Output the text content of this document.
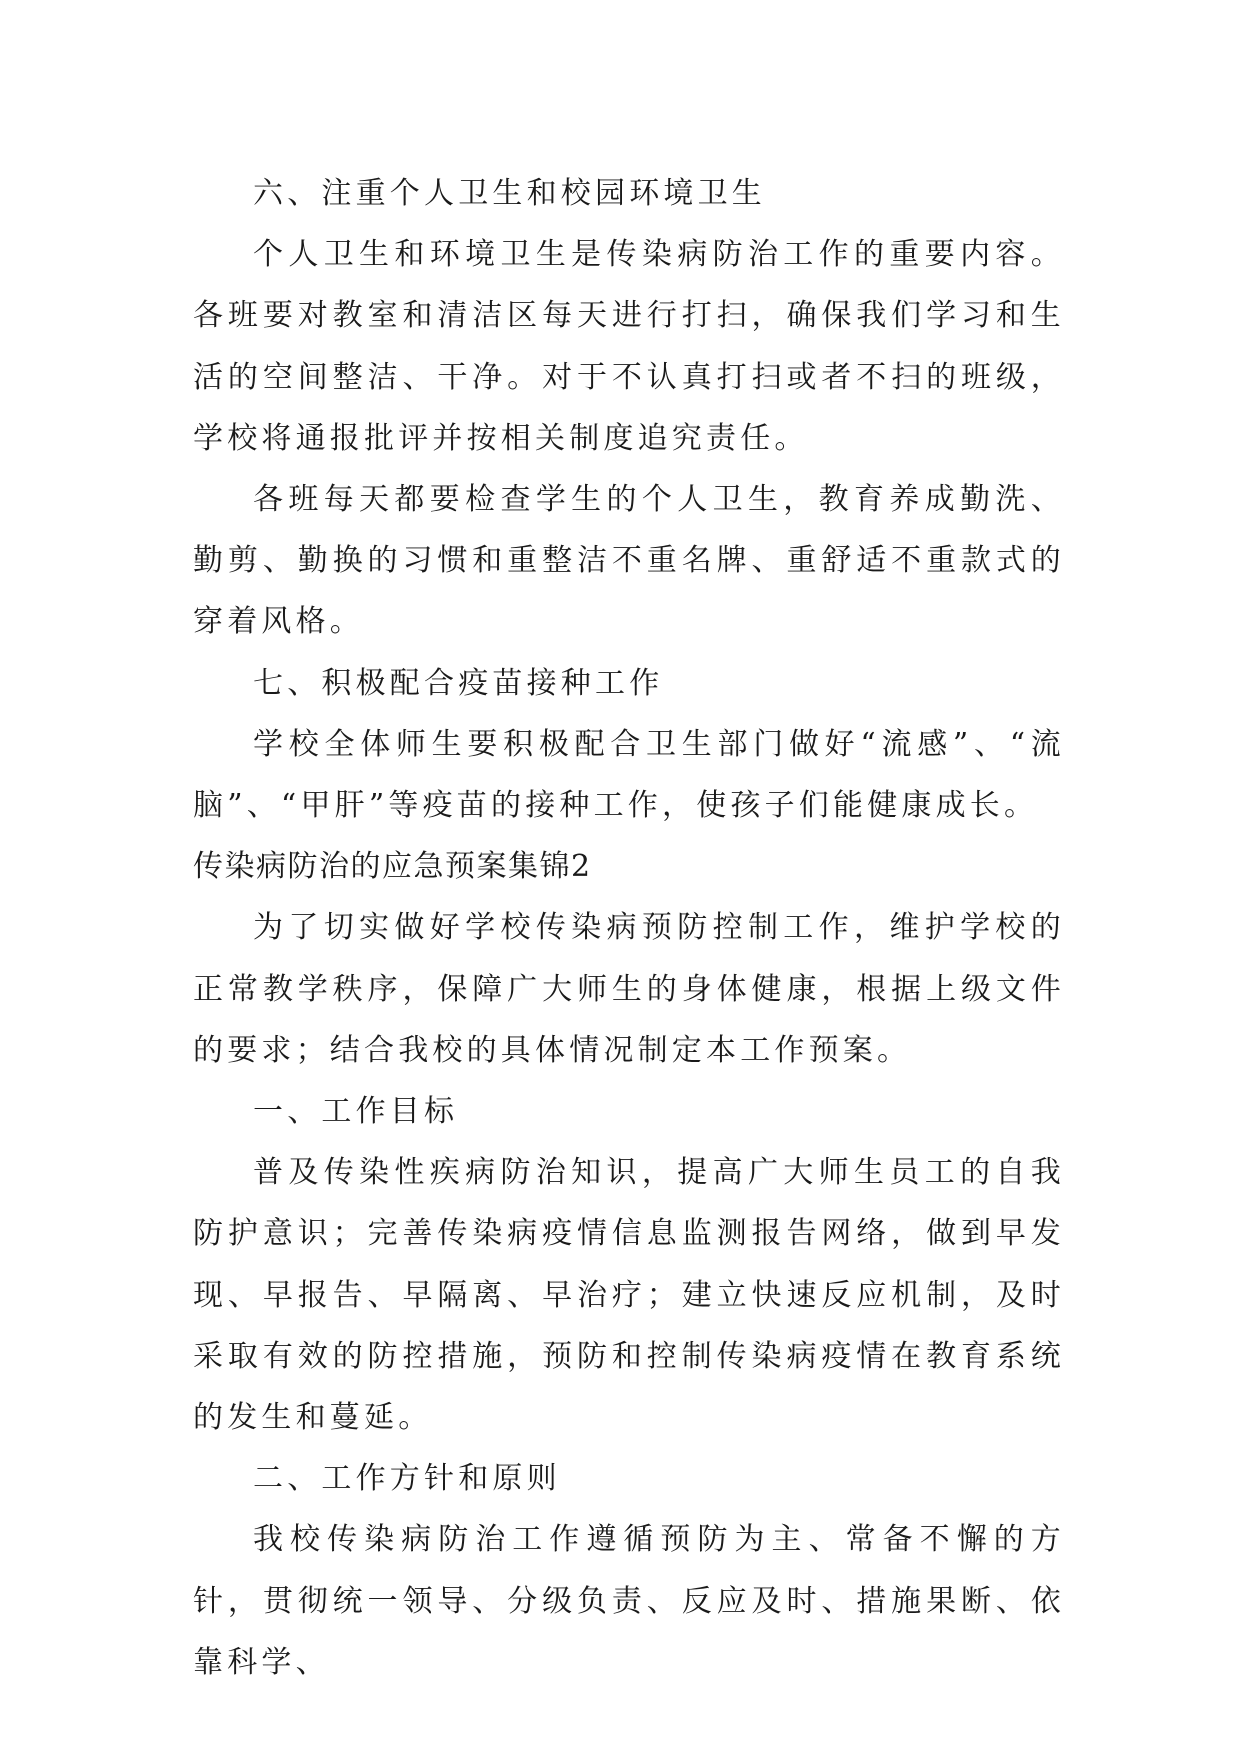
六、注重个人卫生和校园环境卫生

个人卫生和环境卫生是传染病防治工作的重要内容。各班要对教室和清洁区每天进行打扫，确保我们学习和生活的空间整洁、干净。对于不认真打扫或者不扫的班级，学校将通报批评并按相关制度追究责任。

各班每天都要检查学生的个人卫生，教育养成勤洗、勤剪、勤换的习惯和重整洁不重名牌、重舒适不重款式的穿着风格。

七、积极配合疫苗接种工作

学校全体师生要积极配合卫生部门做好“流感”、“流脑”、“甲肝”等疫苗的接种工作，使孩子们能健康成长。

传染病防治的应急预案集锦2

为了切实做好学校传染病预防控制工作，维护学校的正常教学秩序，保障广大师生的身体健康，根据上级文件的要求；结合我校的具体情况制定本工作预案。

一、工作目标

普及传染性疾病防治知识，提高广大师生员工的自我防护意识；完善传染病疫情信息监测报告网络，做到早发现、早报告、早隔离、早治疗；建立快速反应机制，及时采取有效的防控措施，预防和控制传染病疫情在教育系统的发生和蔓延。

二、工作方针和原则

我校传染病防治工作遵循预防为主、常备不懈的方针，贯彻统一领导、分级负责、反应及时、措施果断、依靠科学、
